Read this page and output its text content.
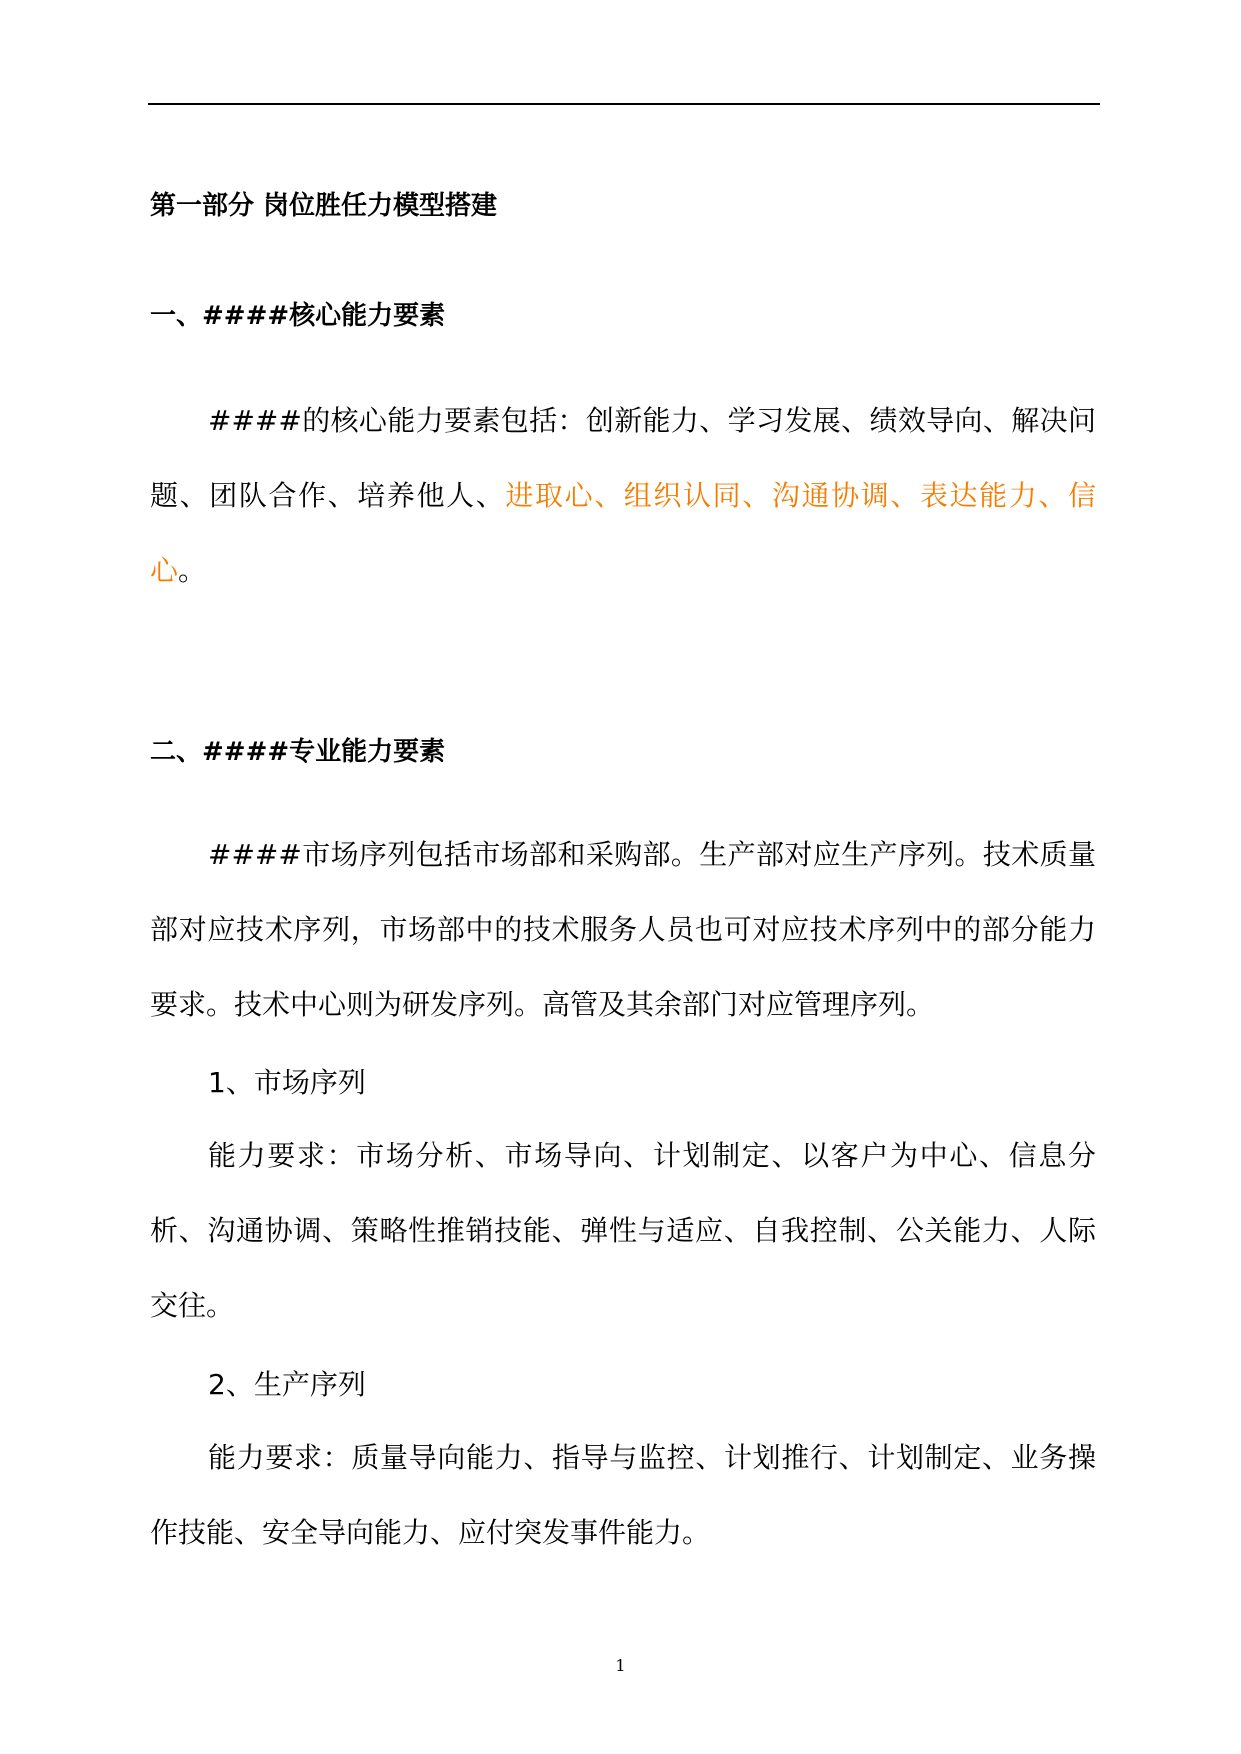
第一部分 岗位胜任力模型搭建
一、####核心能力要素

####的核心能力要素包括：创新能力、学习发展、绩效导向、解决问题、团队合作、培养他人、进取心、组织认同、沟通协调、表达能力、信心。

二、####专业能力要素

####市场序列包括市场部和采购部。生产部对应生产序列。技术质量部对应技术序列，市场部中的技术服务人员也可对应技术序列中的部分能力要求。技术中心则为研发序列。高管及其余部门对应管理序列。

1、市场序列

能力要求：市场分析、市场导向、计划制定、以客户为中心、信息分析、沟通协调、策略性推销技能、弹性与适应、自我控制、公关能力、人际交往。

2、生产序列

能力要求：质量导向能力、指导与监控、计划推行、计划制定、业务操作技能、安全导向能力、应付突发事件能力。

1
